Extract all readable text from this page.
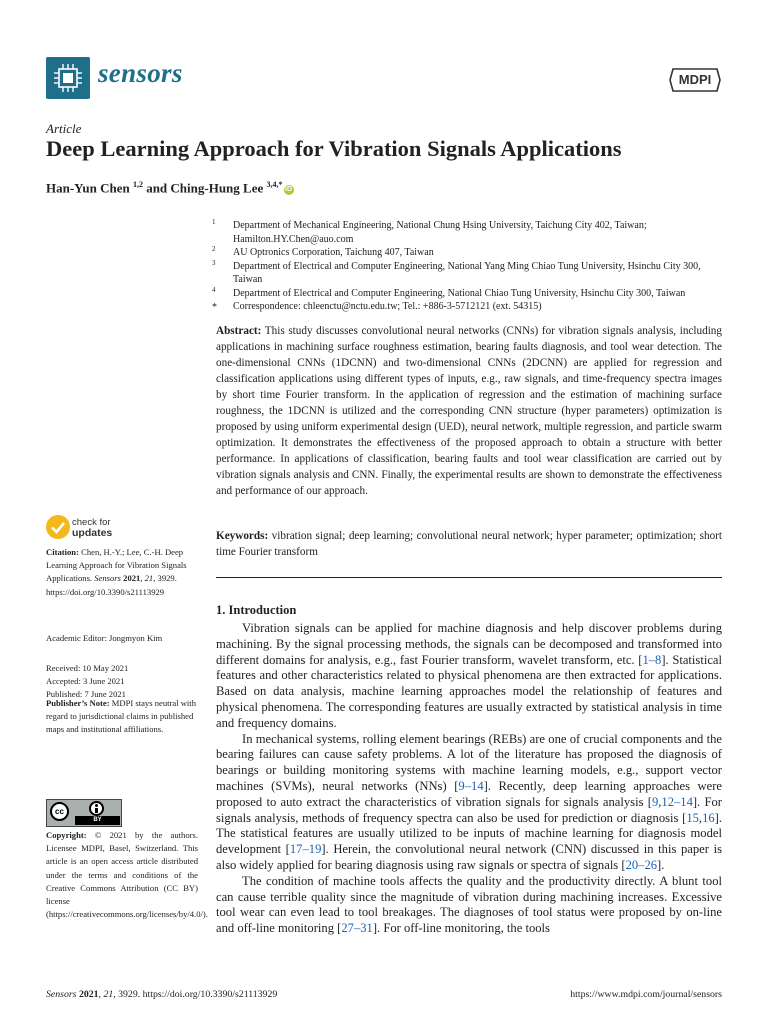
sensors	MDPI
Article
Deep Learning Approach for Vibration Signals Applications
Han-Yun Chen $^{1,2}$ and Ching-Hung Lee $^{3,4,*}$iD
1 Department of Mechanical Engineering, National Chung Hsing University, Taichung City 402, Taiwan; Hamilton.HY.Chen@auo.com
2 AU Optronics Corporation, Taichung 407, Taiwan
3 Department of Electrical and Computer Engineering, National Yang Ming Chiao Tung University, Hsinchu City 300, Taiwan
4 Department of Electrical and Computer Engineering, National Chiao Tung University, Hsinchu City 300, Taiwan
* Correspondence: chleenctu@nctu.edu.tw; Tel.: +886-3-5712121 (ext. 54315)
Abstract: This study discusses convolutional neural networks (CNNs) for vibration signals analysis, including applications in machining surface roughness estimation, bearing faults diagnosis, and tool wear detection. The one-dimensional CNNs (1DCNN) and two-dimensional CNNs (2DCNN) are applied for regression and classification applications using different types of inputs, e.g., raw signals, and time-frequency spectra images by short time Fourier transform. In the application of regression and the estimation of machining surface roughness, the 1DCNN is utilized and the corresponding CNN structure (hyper parameters) optimization is proposed by using uniform experimental design (UED), neural network, multiple regression, and particle swarm optimization. It demonstrates the effectiveness of the proposed approach to obtain a structure with better performance. In applications of classification, bearing faults and tool wear classification are carried out by vibration signals analysis and CNN. Finally, the experimental results are shown to demonstrate the effectiveness and performance of our approach.
Keywords: vibration signal; deep learning; convolutional neural network; hyper parameter; optimization; short time Fourier transform
check for
updates
Citation: Chen, H.-Y.; Lee, C.-H. Deep Learning Approach for Vibration Signals Applications. Sensors 2021, 21, 3929. https://doi.org/10.3390/s21113929
Academic Editor: Jongmyon Kim
Received: 10 May 2021
Accepted: 3 June 2021
Published: 7 June 2021
Publisher’s Note: MDPI stays neutral with regard to jurisdictional claims in published maps and institutional affiliations.
cc
BY
Copyright: © 2021 by the authors. Licensee MDPI, Basel, Switzerland. This article is an open access article distributed under the terms and conditions of the Creative Commons Attribution (CC BY) license (https://creativecommons.org/licenses/by/4.0/).
1. Introduction

Vibration signals can be applied for machine diagnosis and help discover problems during machining. By the signal processing methods, the signals can be decomposed and transformed into different domains for analysis, e.g., fast Fourier transform, wavelet transform, etc. [1–8]. Statistical features and other characteristics related to physical phenomena are then extracted for applications. Based on data analysis, machine learning approaches model the relationship of features and physical phenomena. The corresponding features are usually extracted by statistical analysis in time and frequency domains.

In mechanical systems, rolling element bearings (REBs) are one of crucial components and the bearing failures can cause safety problems. A lot of the literature has proposed the diagnosis of bearings or building monitoring systems with machine learning models, e.g., support vector machines (SVMs), neural networks (NNs) [9–14]. Recently, deep learning approaches were proposed to auto extract the characteristics of vibration signals for signals analysis [9,12–14]. For signals analysis, methods of frequency spectra can also be used for prediction or diagnosis [15,16]. The statistical features are usually utilized to be inputs of machine learning for diagnosis model development [17–19]. Herein, the convolutional neural network (CNN) discussed in this paper is also widely applied for bearing diagnosis using raw signals or spectra of signals [20–26].

The condition of machine tools affects the quality and the productivity directly. A blunt tool can cause terrible quality since the magnitude of vibration during machining increases. Excessive tool wear can even lead to tool breakages. The diagnoses of tool status were proposed by on-line and off-line monitoring [27–31]. For off-line monitoring, the tools

Sensors 2021, 21, 3929. https://doi.org/10.3390/s21113929	https://www.mdpi.com/journal/sensors
